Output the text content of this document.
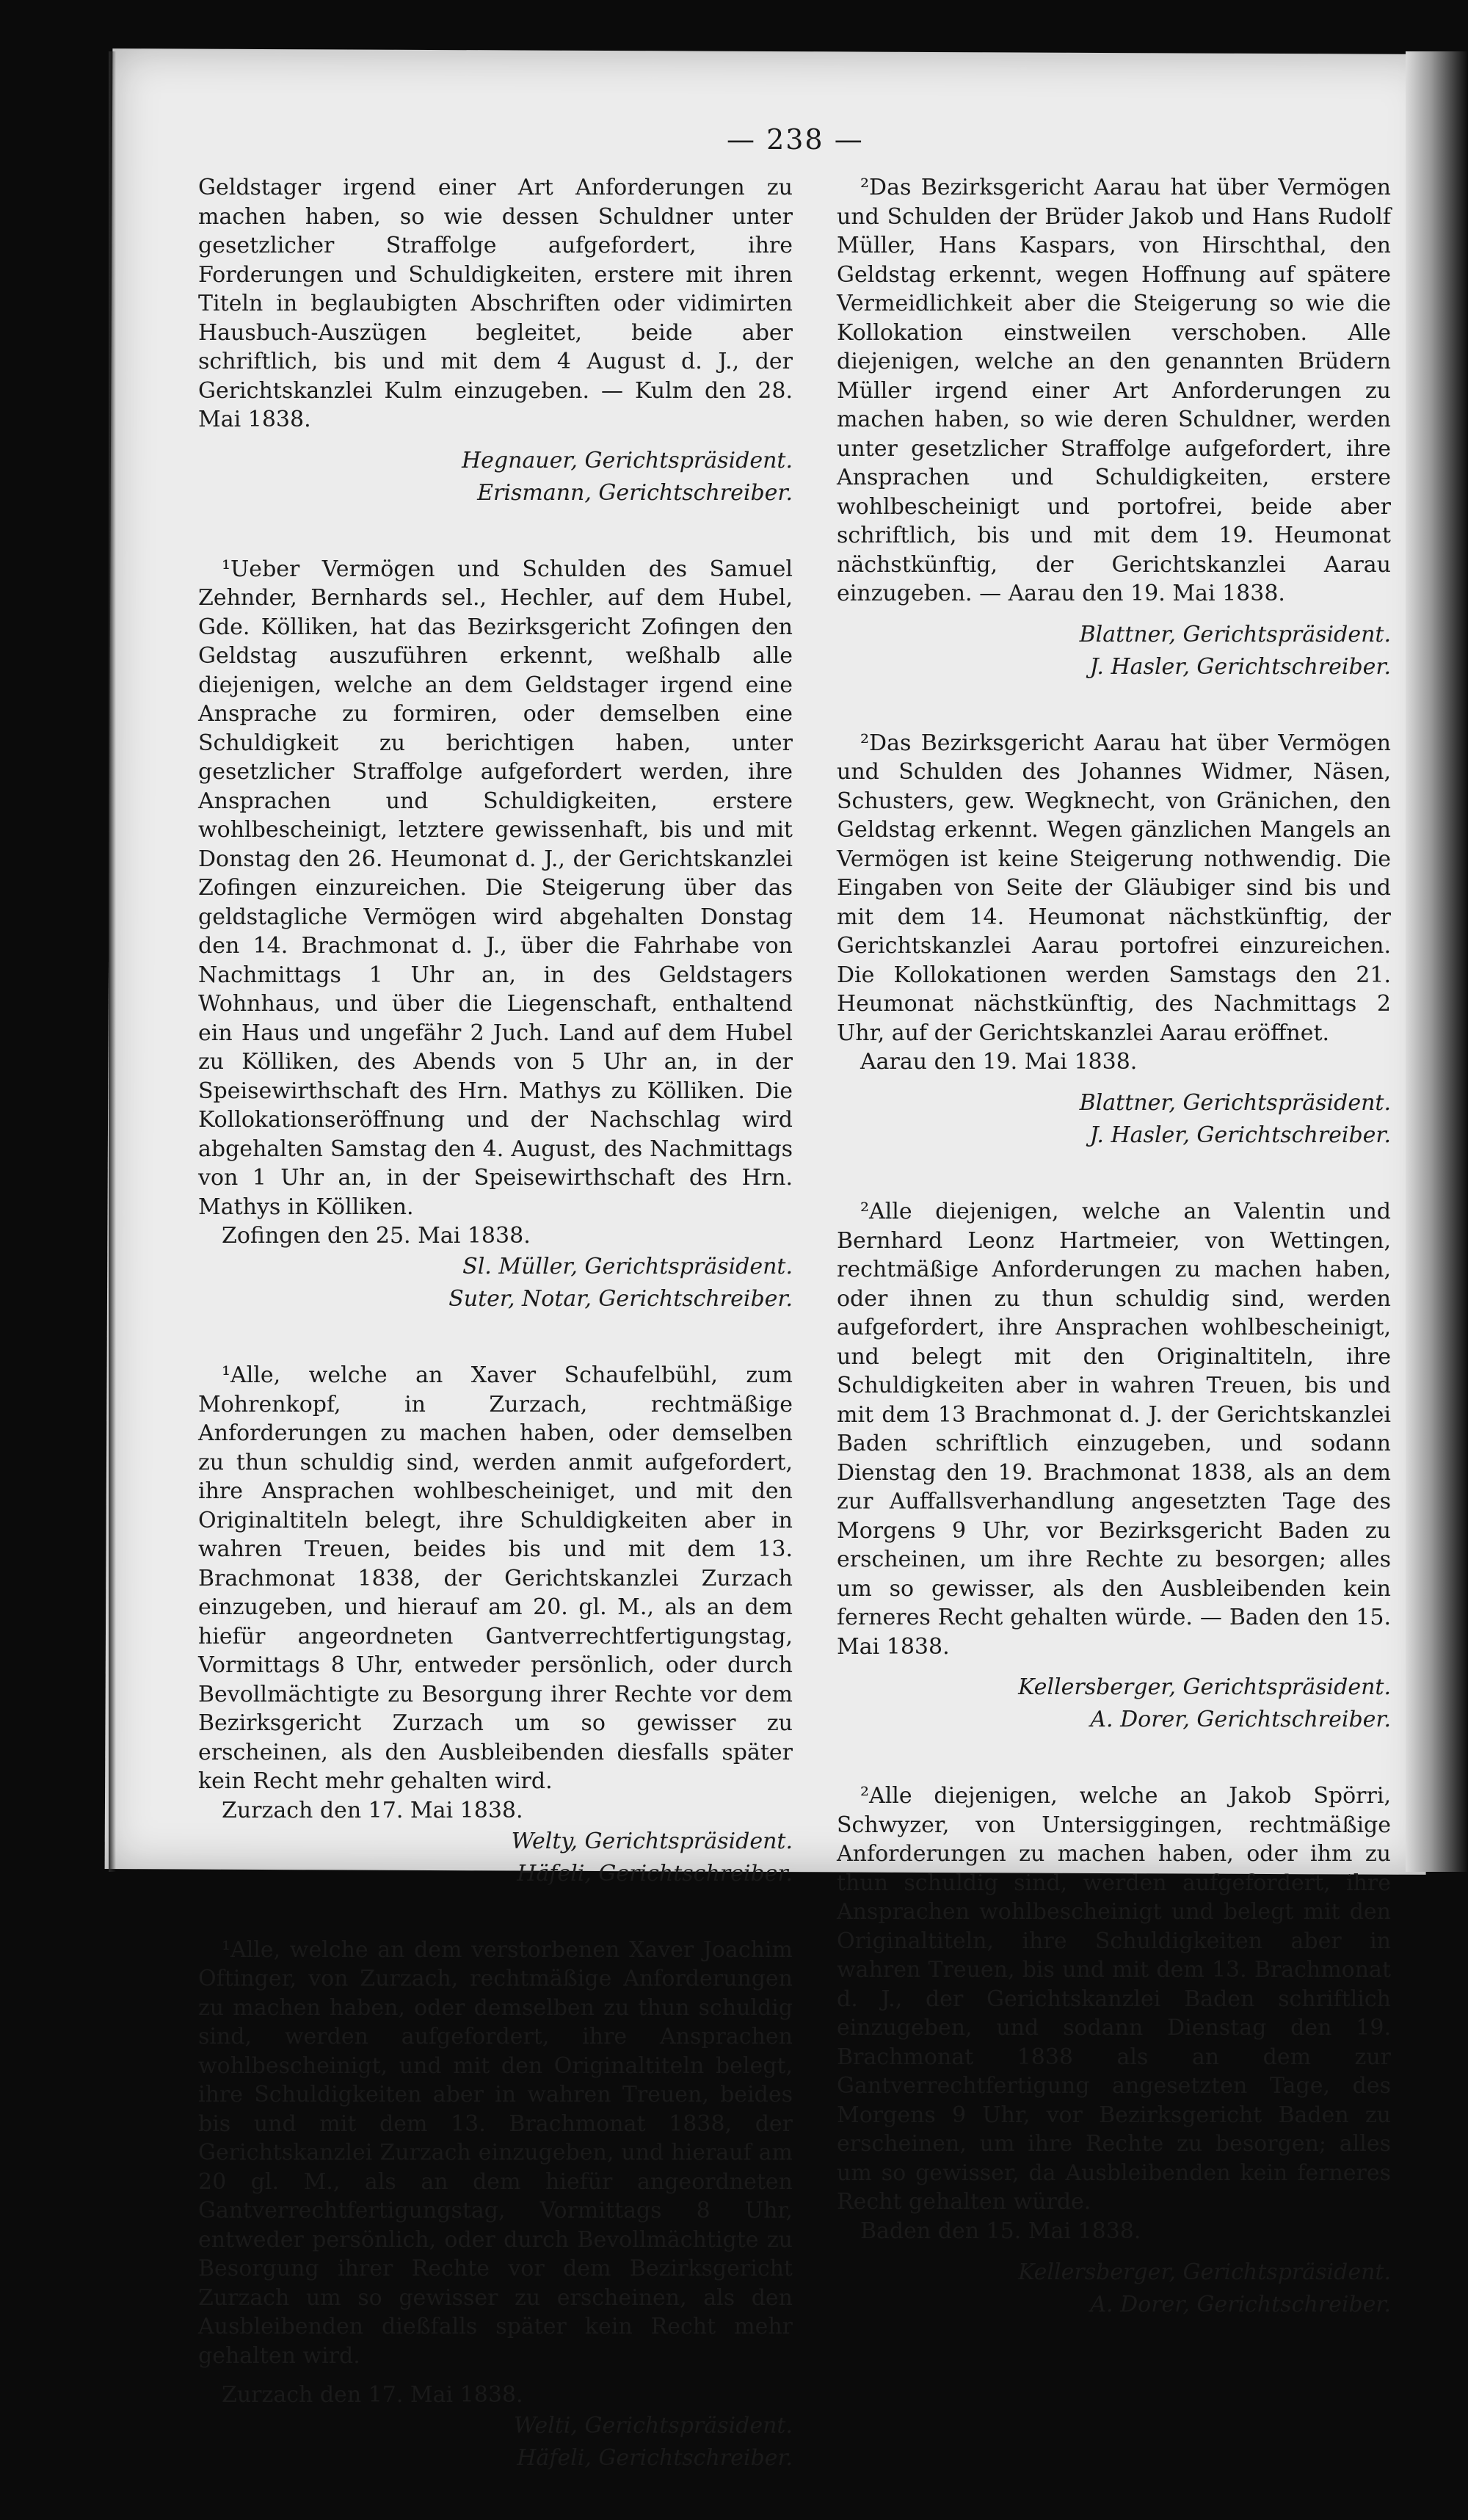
— 238 —

Geldstager irgend einer Art Anforderungen zu machen haben, so wie dessen Schuldner unter gesetzlicher Straffolge aufgefordert, ihre Forderungen und Schuldigkeiten, erstere mit ihren Titeln in beglaubigten Abschriften oder vidimirten Hausbuch-Auszügen begleitet, beide aber schriftlich, bis und mit dem 4 August d. J., der Gerichtskanzlei Kulm einzugeben. — Kulm den 28. Mai 1838.

Hegnauer, Gerichtspräsident.

Erismann, Gerichtschreiber.

¹Ueber Vermögen und Schulden des Samuel Zehnder, Bernhards sel., Hechler, auf dem Hubel, Gde. Kölliken, hat das Bezirksgericht Zofingen den Geldstag auszuführen erkennt, weßhalb alle diejenigen, welche an dem Geldstager irgend eine Ansprache zu formiren, oder demselben eine Schuldigkeit zu berichtigen haben, unter gesetzlicher Straffolge aufgefordert werden, ihre Ansprachen und Schuldigkeiten, erstere wohlbescheinigt, letztere gewissenhaft, bis und mit Donstag den 26. Heumonat d. J., der Gerichtskanzlei Zofingen einzureichen. Die Steigerung über das geldstagliche Vermögen wird abgehalten Donstag den 14. Brachmonat d. J., über die Fahrhabe von Nachmittags 1 Uhr an, in des Geldstagers Wohnhaus, und über die Liegenschaft, enthaltend ein Haus und ungefähr 2 Juch. Land auf dem Hubel zu Kölliken, des Abends von 5 Uhr an, in der Speisewirthschaft des Hrn. Mathys zu Kölliken. Die Kollokationseröffnung und der Nachschlag wird abgehalten Samstag den 4. August, des Nachmittags von 1 Uhr an, in der Speisewirthschaft des Hrn. Mathys in Kölliken.

Zofingen den 25. Mai 1838.

Sl. Müller, Gerichtspräsident.

Suter, Notar, Gerichtschreiber.

¹Alle, welche an Xaver Schaufelbühl, zum Mohrenkopf, in Zurzach, rechtmäßige Anforderungen zu machen haben, oder demselben zu thun schuldig sind, werden anmit aufgefordert, ihre Ansprachen wohlbescheiniget, und mit den Originaltiteln belegt, ihre Schuldigkeiten aber in wahren Treuen, beides bis und mit dem 13. Brachmonat 1838, der Gerichtskanzlei Zurzach einzugeben, und hierauf am 20. gl. M., als an dem hiefür angeordneten Gantverrechtfertigungstag, Vormittags 8 Uhr, entweder persönlich, oder durch Bevollmächtigte zu Besorgung ihrer Rechte vor dem Bezirksgericht Zurzach um so gewisser zu erscheinen, als den Ausbleibenden diesfalls später kein Recht mehr gehalten wird.

Zurzach den 17. Mai 1838.

Welty, Gerichtspräsident.

Häfeli, Gerichtschreiber.

¹Alle, welche an dem verstorbenen Xaver Joachim Oftinger, von Zurzach, rechtmäßige Anforderungen zu machen haben, oder demselben zu thun schuldig sind, werden aufgefordert, ihre Ansprachen wohlbescheinigt, und mit den Originaltiteln belegt, ihre Schuldigkeiten aber in wahren Treuen, beides bis und mit dem 13. Brachmonat 1838, der Gerichtskanzlei Zurzach einzugeben, und hierauf am 20 gl. M., als an dem hiefür angeordneten Gantverrechtfertigungstag, Vormittags 8 Uhr, entweder persönlich, oder durch Bevollmächtigte zu Besorgung ihrer Rechte vor dem Bezirksgericht Zurzach um so gewisser zu erscheinen, als den Ausbleibenden dießfalls später kein Recht mehr gehalten wird.

Zurzach den 17. Mai 1838.

Welti, Gerichtspräsident.

Häfeli, Gerichtschreiber.

²Das Bezirksgericht Aarau hat über Vermögen und Schulden der Brüder Jakob und Hans Rudolf Müller, Hans Kaspars, von Hirschthal, den Geldstag erkennt, wegen Hoffnung auf spätere Vermeidlichkeit aber die Steigerung so wie die Kollokation einstweilen verschoben. Alle diejenigen, welche an den genannten Brüdern Müller irgend einer Art Anforderungen zu machen haben, so wie deren Schuldner, werden unter gesetzlicher Straffolge aufgefordert, ihre Ansprachen und Schuldigkeiten, erstere wohlbescheinigt und portofrei, beide aber schriftlich, bis und mit dem 19. Heumonat nächstkünftig, der Gerichtskanzlei Aarau einzugeben. — Aarau den 19. Mai 1838.

Blattner, Gerichtspräsident.

J. Hasler, Gerichtschreiber.

²Das Bezirksgericht Aarau hat über Vermögen und Schulden des Johannes Widmer, Näsen, Schusters, gew. Wegknecht, von Gränichen, den Geldstag erkennt. Wegen gänzlichen Mangels an Vermögen ist keine Steigerung nothwendig. Die Eingaben von Seite der Gläubiger sind bis und mit dem 14. Heumonat nächstkünftig, der Gerichtskanzlei Aarau portofrei einzureichen. Die Kollokationen werden Samstags den 21. Heumonat nächstkünftig, des Nachmittags 2 Uhr, auf der Gerichtskanzlei Aarau eröffnet.

Aarau den 19. Mai 1838.

Blattner, Gerichtspräsident.

J. Hasler, Gerichtschreiber.

²Alle diejenigen, welche an Valentin und Bernhard Leonz Hartmeier, von Wettingen, rechtmäßige Anforderungen zu machen haben, oder ihnen zu thun schuldig sind, werden aufgefordert, ihre Ansprachen wohlbescheinigt, und belegt mit den Originaltiteln, ihre Schuldigkeiten aber in wahren Treuen, bis und mit dem 13 Brachmonat d. J. der Gerichtskanzlei Baden schriftlich einzugeben, und sodann Dienstag den 19. Brachmonat 1838, als an dem zur Auffallsverhandlung angesetzten Tage des Morgens 9 Uhr, vor Bezirksgericht Baden zu erscheinen, um ihre Rechte zu besorgen; alles um so gewisser, als den Ausbleibenden kein ferneres Recht gehalten würde. — Baden den 15. Mai 1838.

Kellersberger, Gerichtspräsident.

A. Dorer, Gerichtschreiber.

²Alle diejenigen, welche an Jakob Spörri, Schwyzer, von Untersiggingen, rechtmäßige Anforderungen zu machen haben, oder ihm zu thun schuldig sind, werden aufgefordert, ihre Ansprachen wohlbescheinigt und belegt mit den Originaltiteln, ihre Schuldigkeiten aber in wahren Treuen, bis und mit dem 13. Brachmonat d. J., der Gerichtskanzlei Baden schriftlich einzugeben, und sodann Dienstag den 19. Brachmonat 1838 als an dem zur Gantverrechtfertigung angesetzten Tage, des Morgens 9 Uhr, vor Bezirksgericht Baden zu erscheinen, um ihre Rechte zu besorgen; alles um so gewisser, da Ausbleibenden kein ferneres Recht gehalten würde.

Baden den 15. Mai 1838.

Kellersberger, Gerichtspräsident.

A. Dorer, Gerichtschreiber.
